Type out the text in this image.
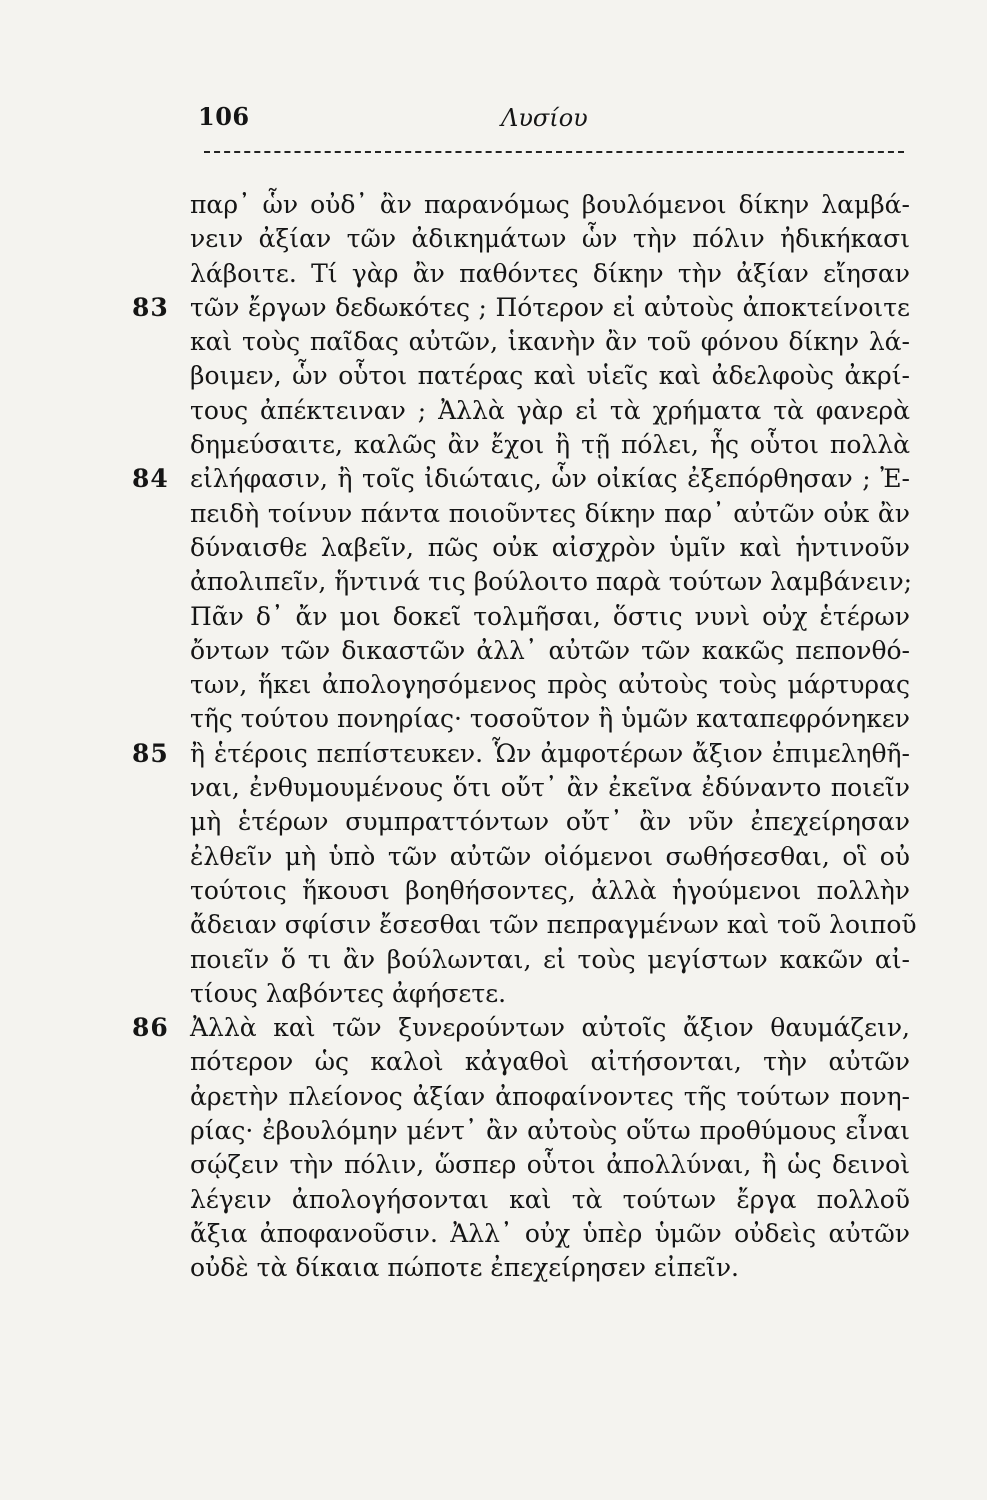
106	Λυσίου
παρ᾽ ὧν οὐδ᾽ ἂν παρανόμως βουλόμενοι δίκην λαμβά-
νειν ἀξίαν τῶν ἀδικημάτων ὧν τὴν πόλιν ἠδικήκασι
λάβοιτε. Τί γὰρ ἂν παθόντες δίκην τὴν ἀξίαν εἴησαν
83 τῶν ἔργων δεδωκότες ; Πότερον εἰ αὐτοὺς ἀποκτείνοιτε
καὶ τοὺς παῖδας αὐτῶν, ἱκανὴν ἂν τοῦ φόνου δίκην λά-
βοιμεν, ὧν οὗτοι πατέρας καὶ υἱεῖς καὶ ἀδελφοὺς ἀκρί-
τους ἀπέκτειναν ; Ἀλλὰ γὰρ εἰ τὰ χρήματα τὰ φανερὰ
δημεύσαιτε, καλῶς ἂν ἔχοι ἢ τῇ πόλει, ἧς οὗτοι πολλὰ
84 εἰλήφασιν, ἢ τοῖς ἰδιώταις, ὧν οἰκίας ἐξεπόρθησαν ; Ἐ-
πειδὴ τοίνυν πάντα ποιοῦντες δίκην παρ᾽ αὐτῶν οὐκ ἂν
δύναισθε λαβεῖν, πῶς οὐκ αἰσχρὸν ὑμῖν καὶ ἡντινοῦν
ἀπολιπεῖν, ἥντινά τις βούλοιτο παρὰ τούτων λαμβάνειν;
Πᾶν δ᾽ ἄν μοι δοκεῖ τολμῆσαι, ὅστις νυνὶ οὐχ ἑτέρων
ὄντων τῶν δικαστῶν ἀλλ᾽ αὐτῶν τῶν κακῶς πεπονθό-
των, ἥκει ἀπολογησόμενος πρὸς αὐτοὺς τοὺς μάρτυρας
τῆς τούτου πονηρίας· τοσοῦτον ἢ ὑμῶν καταπεφρόνηκεν
85 ἢ ἑτέροις πεπίστευκεν. Ὧν ἀμφοτέρων ἄξιον ἐπιμεληθῆ-
ναι, ἐνθυμουμένους ὅτι οὔτ᾽ ἂν ἐκεῖνα ἐδύναντο ποιεῖν
μὴ ἑτέρων συμπραττόντων οὔτ᾽ ἂν νῦν ἐπεχείρησαν
ἐλθεῖν μὴ ὑπὸ τῶν αὐτῶν οἰόμενοι σωθήσεσθαι, οἳ οὐ
τούτοις ἥκουσι βοηθήσοντες, ἀλλὰ ἡγούμενοι πολλὴν
ἄδειαν σφίσιν ἔσεσθαι τῶν πεπραγμένων καὶ τοῦ λοιποῦ
ποιεῖν ὅ τι ἂν βούλωνται, εἰ τοὺς μεγίστων κακῶν αἰ-
τίους λαβόντες ἀφήσετε.
86 Ἀλλὰ καὶ τῶν ξυνερούντων αὐτοῖς ἄξιον θαυμάζειν,
πότερον ὡς καλοὶ κἀγαθοὶ αἰτήσονται, τὴν αὐτῶν
ἀρετὴν πλείονος ἀξίαν ἀποφαίνοντες τῆς τούτων πονη-
ρίας· ἐβουλόμην μέντ᾽ ἂν αὐτοὺς οὕτω προθύμους εἶναι
σῴζειν τὴν πόλιν, ὥσπερ οὗτοι ἀπολλύναι, ἢ ὡς δεινοὶ
λέγειν ἀπολογήσονται καὶ τὰ τούτων ἔργα πολλοῦ
ἄξια ἀποφανοῦσιν. Ἀλλ᾽ οὐχ ὑπὲρ ὑμῶν οὐδεὶς αὐτῶν
οὐδὲ τὰ δίκαια πώποτε ἐπεχείρησεν εἰπεῖν.
